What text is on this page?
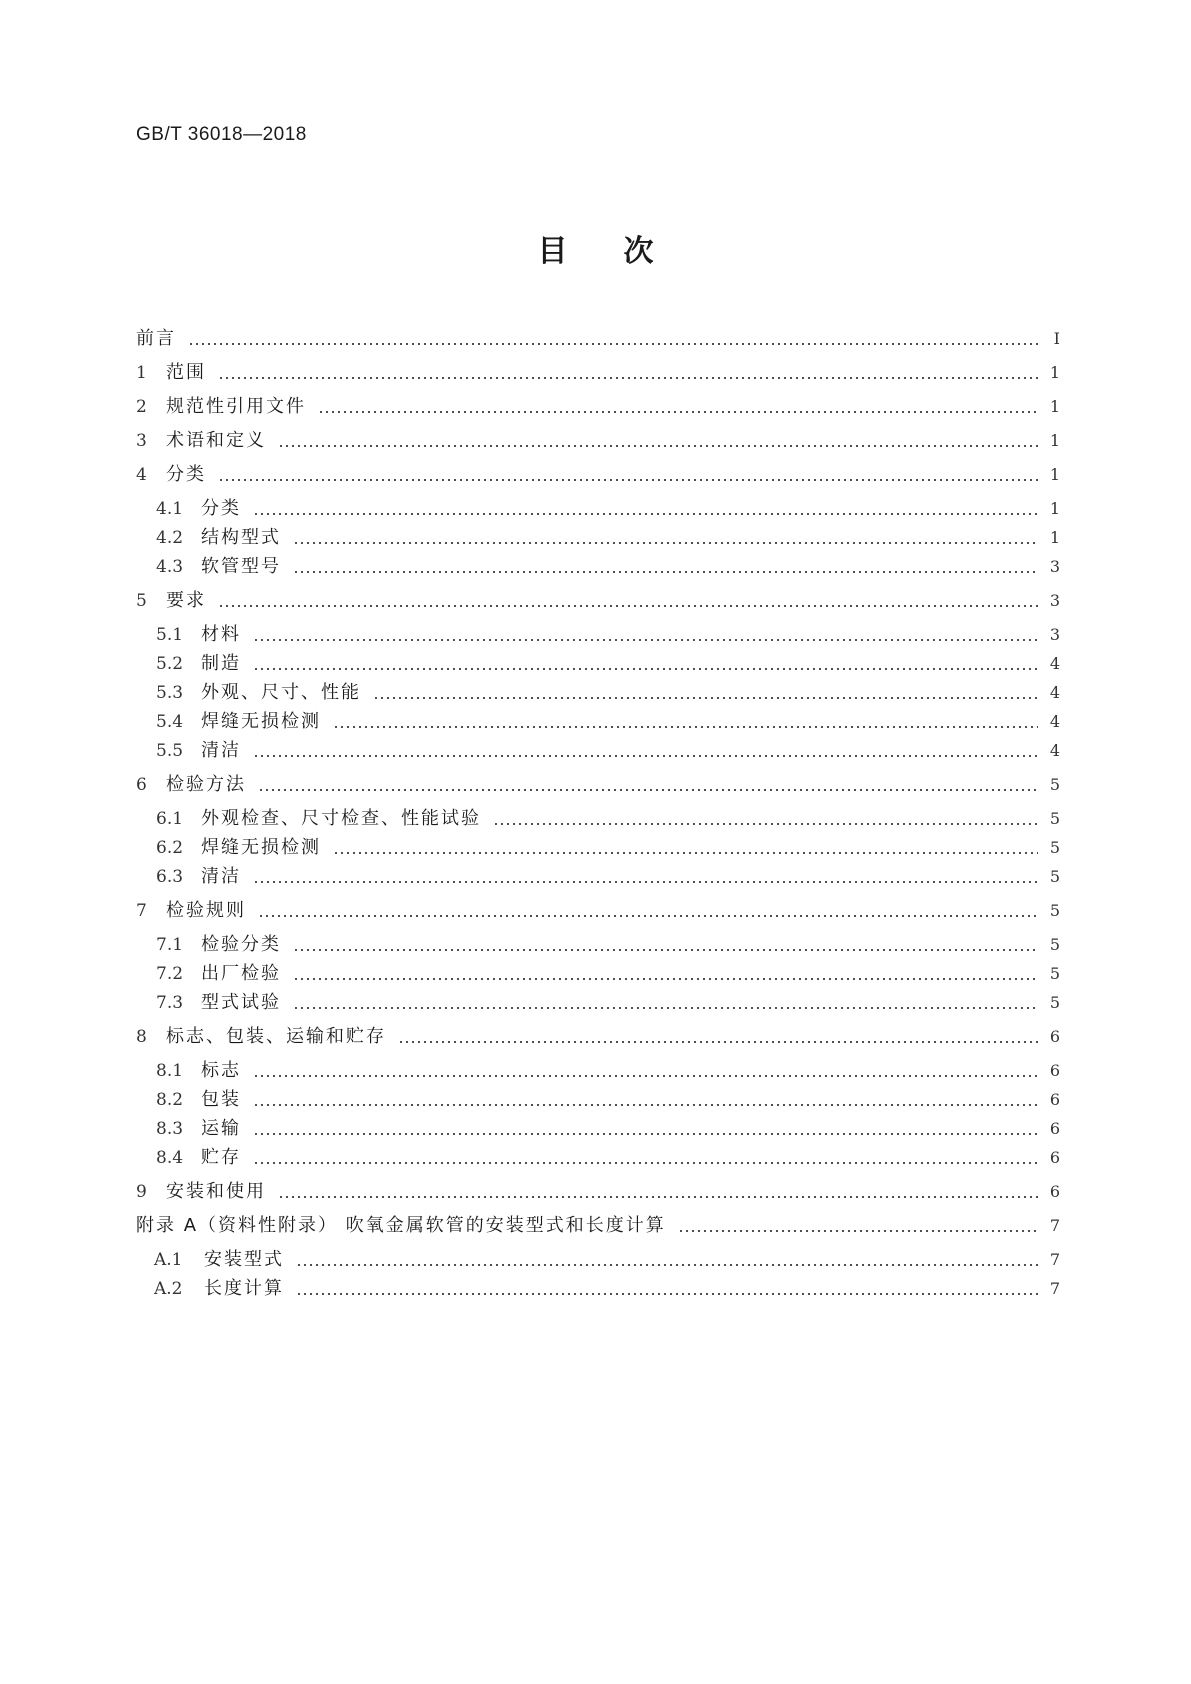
GB/T 36018—2018
目次
前言	Ⅰ
1	范围	1
2	规范性引用文件	1
3	术语和定义	1
4	分类	1
4.1 分类	1
4.2 结构型式	1
4.3 软管型号	3
5	要求	3
5.1 材料	3
5.2 制造	4
5.3 外观、尺寸、性能	4
5.4 焊缝无损检测	4
5.5 清洁	4
6	检验方法	5
6.1 外观检查、尺寸检查、性能试验	5
6.2 焊缝无损检测	5
6.3 清洁	5
7	检验规则	5
7.1 检验分类	5
7.2 出厂检验	5
7.3 型式试验	5
8	标志、包装、运输和贮存	6
8.1 标志	6
8.2 包装	6
8.3 运输	6
8.4 贮存	6
9	安装和使用	6
附录 A（资料性附录） 吹氧金属软管的安装型式和长度计算	7
A.1	安装型式	7
A.2	长度计算	7
